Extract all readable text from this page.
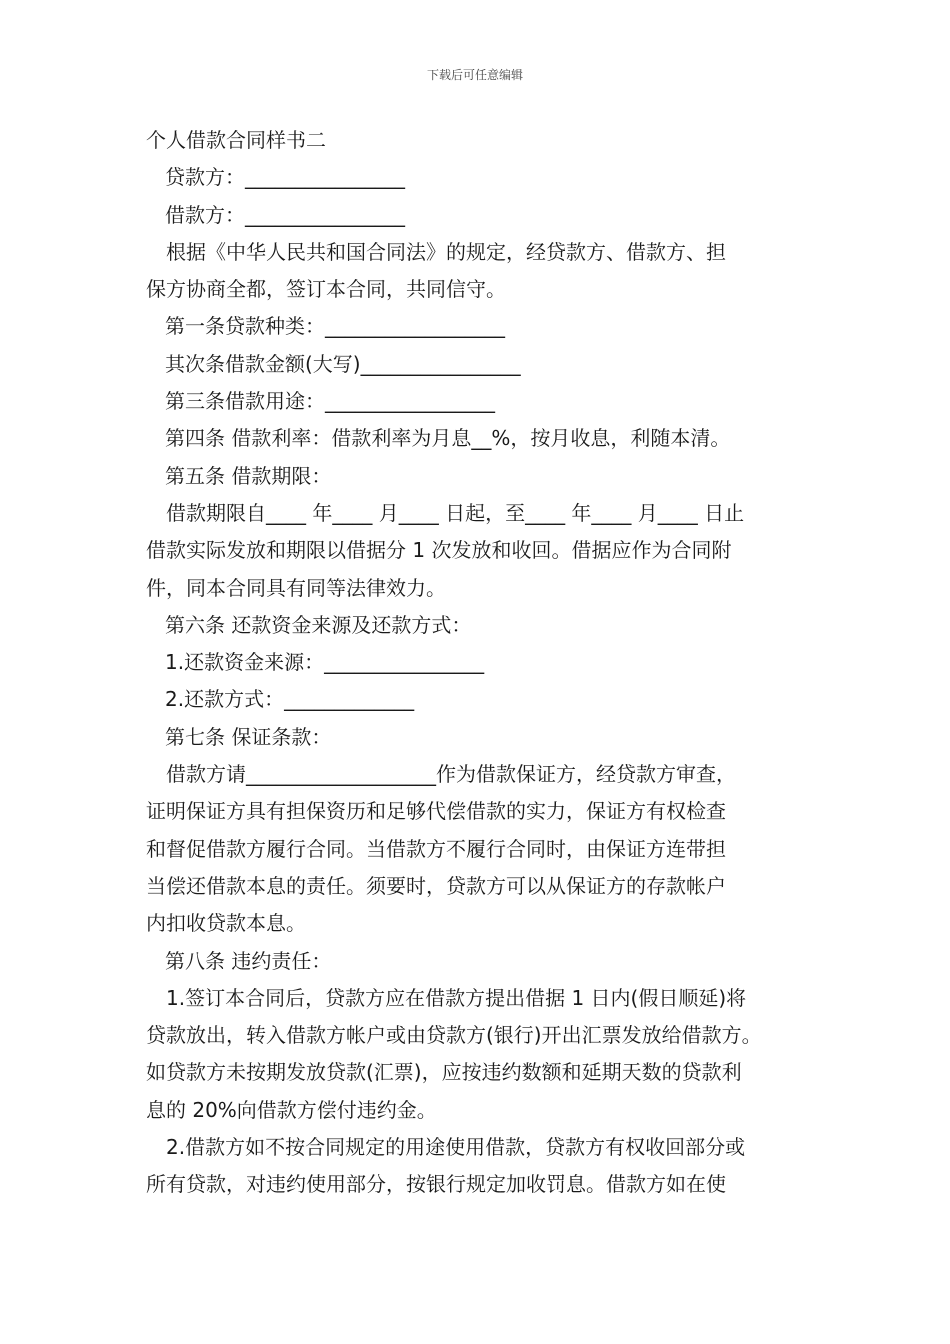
下载后可任意编辑
个人借款合同样书二
贷款方：________________
借款方：________________
根据《中华人民共和国合同法》的规定，经贷款方、借款方、担
保方协商全都，签订本合同，共同信守。
第一条贷款种类：__________________
其次条借款金额(大写)________________
第三条借款用途：_________________
第四条 借款利率：借款利率为月息__%，按月收息，利随本清。
第五条 借款期限：
借款期限自____ 年____ 月____ 日起，至____ 年____ 月____ 日止
借款实际发放和期限以借据分 1 次发放和收回。借据应作为合同附
件，同本合同具有同等法律效力。
第六条 还款资金来源及还款方式：
1.还款资金来源：________________
2.还款方式：_____________
第七条 保证条款：
借款方请___________________作为借款保证方，经贷款方审查，
证明保证方具有担保资历和足够代偿借款的实力，保证方有权检查
和督促借款方履行合同。当借款方不履行合同时，由保证方连带担
当偿还借款本息的责任。须要时，贷款方可以从保证方的存款帐户
内扣收贷款本息。
第八条 违约责任：
1.签订本合同后，贷款方应在借款方提出借据 1 日内(假日顺延)将
贷款放出，转入借款方帐户或由贷款方(银行)开出汇票发放给借款方。
如贷款方未按期发放贷款(汇票)，应按违约数额和延期天数的贷款利
息的 20%向借款方偿付违约金。
2.借款方如不按合同规定的用途使用借款，贷款方有权收回部分或
所有贷款，对违约使用部分，按银行规定加收罚息。借款方如在使
